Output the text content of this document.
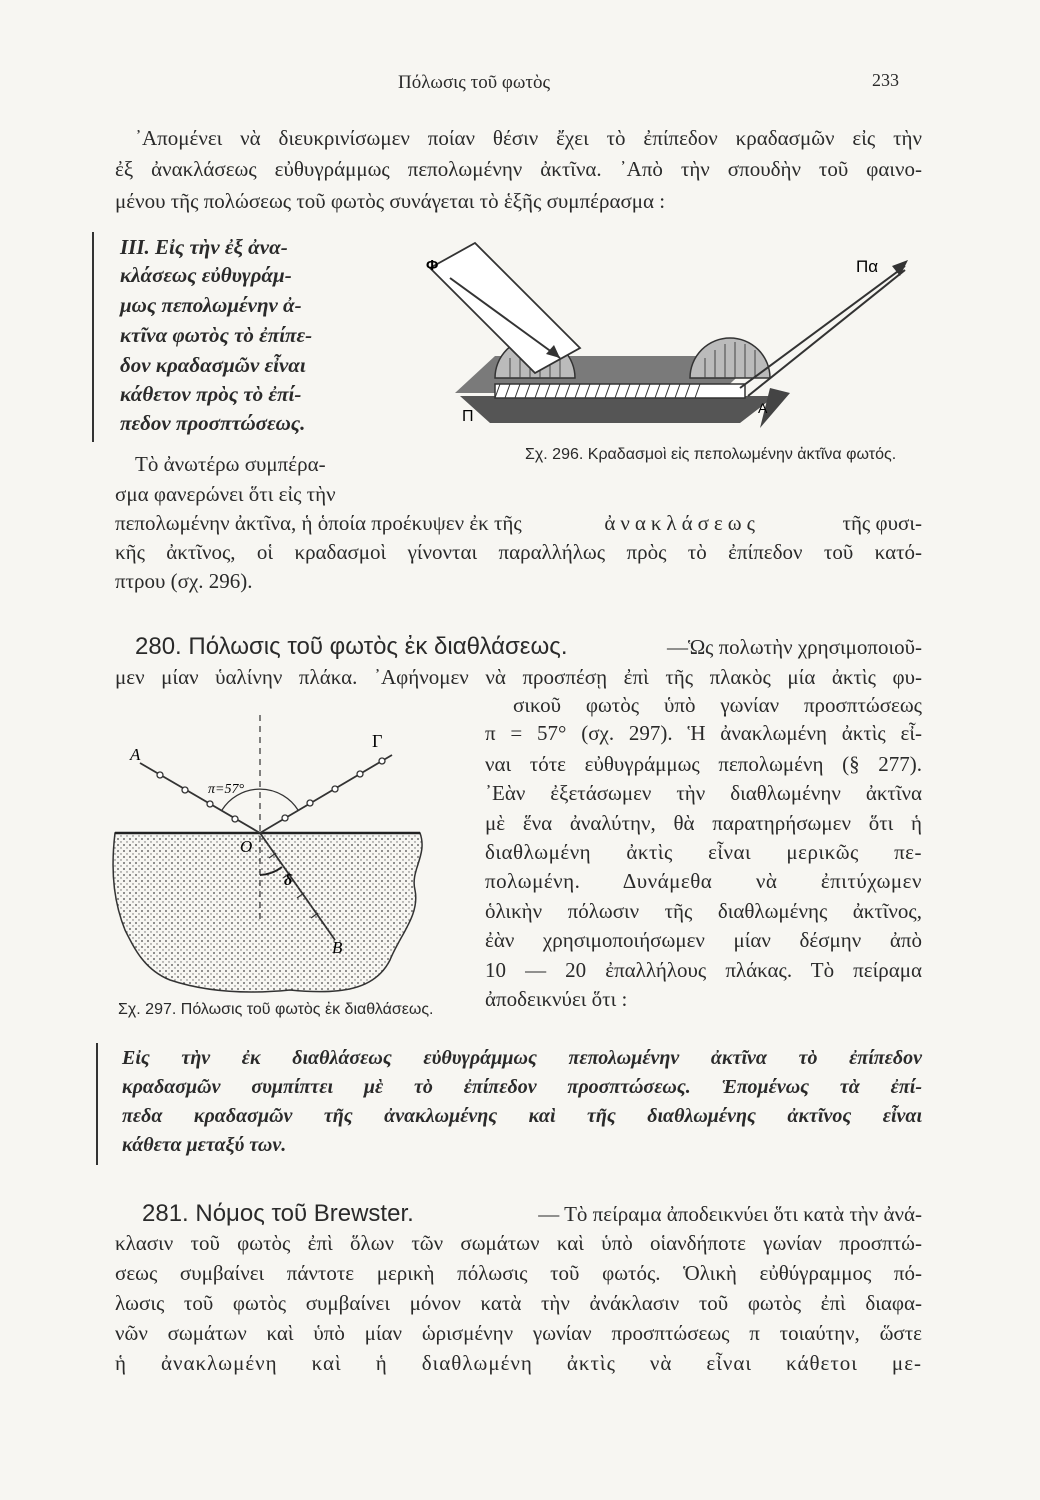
Πόλωσις τοῦ φωτὸς	233
᾿Απομένει νὰ διευκρινίσωμεν ποίαν θέσιν ἔχει τὸ ἐπίπεδον κραδασμῶν εἰς τὴν
ἐξ ἀνακλάσεως εὐθυγράμμως πεπολωμένην ἀκτῖνα. ᾿Απὸ τὴν σπουδὴν τοῦ φαινο-
μένου τῆς πολώσεως τοῦ φωτὸς συνάγεται τὸ ἑξῆς συμπέρασμα :
III. Εἰς τὴν ἐξ ἀνα-
κλάσεως εὐθυγράμ-
μως πεπολωμένην ἀ-
κτῖνα φωτὸς τὸ ἐπίπε-
δον κραδασμῶν εἶναι
κάθετον πρὸς τὸ ἐπί-
πεδον προσπτώσεως.
Φ	Πα
Π	Α
Σχ. 296. Κραδασμοὶ εἰς πεπολωμένην ἀκτῖνα φωτός.
Τὸ ἀνωτέρω συμπέρα-
σμα φανερώνει ὅτι εἰς τὴν
πεπολωμένην ἀκτῖνα, ἡ ὁποία προέκυψεν ἐκ τῆς	ἀνακλάσεως	τῆς φυσι-
κῆς ἀκτῖνος, οἱ κραδασμοὶ γίνονται παραλλήλως πρὸς τὸ ἐπίπεδον τοῦ κατό-
πτρου (σχ. 296).
280. Πόλωσις τοῦ φωτὸς ἐκ διαθλάσεως.	—Ὡς πολωτὴν χρησιμοποιοῦ-
μεν μίαν ὑαλίνην πλάκα. ᾿Αφήνομεν νὰ προσπέσῃ ἐπὶ τῆς πλακὸς μία ἀκτὶς φυ-
σικοῦ φωτὸς ὑπὸ γωνίαν προσπτώσεως
π = 57° (σχ. 297). Ἡ ἀνακλωμένη ἀκτὶς εἶ-
ναι τότε εὐθυγράμμως πεπολωμένη (§ 277).
᾿Εὰν ἐξετάσωμεν τὴν διαθλωμένην ἀκτῖνα
μὲ ἕνα ἀναλύτην, θὰ παρατηρήσωμεν ὅτι ἡ
διαθλωμένη ἀκτὶς εἶναι μερικῶς πε-
πολωμένη. Δυνάμεθα νὰ ἐπιτύχωμεν
ὁλικὴν πόλωσιν τῆς διαθλωμένης ἀκτῖνος,
ἐὰν χρησιμοποιήσωμεν μίαν δέσμην ἀπὸ
10 — 20 ἐπαλλήλους πλάκας. Τὸ πείραμα
ἀποδεικνύει ὅτι :
Α
Γ
π=57°
Ο
δ
Β
Σχ. 297. Πόλωσις τοῦ φωτὸς ἐκ διαθλάσεως.
Εἰς τὴν ἐκ διαθλάσεως εὐθυγράμμως πεπολωμένην ἀκτῖνα τὸ ἐπίπεδον
κραδασμῶν συμπίπτει μὲ τὸ ἐπίπεδον προσπτώσεως. Ἑπομένως τὰ ἐπί-
πεδα κραδασμῶν τῆς ἀνακλωμένης καὶ τῆς διαθλωμένης ἀκτῖνος εἶναι
κάθετα μεταξύ των.
281. Νόμος τοῦ Brewster.	— Τὸ πείραμα ἀποδεικνύει ὅτι κατὰ τὴν ἀνά-
κλασιν τοῦ φωτὸς ἐπὶ ὅλων τῶν σωμάτων καὶ ὑπὸ οἱανδήποτε γωνίαν προσπτώ-
σεως συμβαίνει πάντοτε μερικὴ πόλωσις τοῦ φωτός. Ὁλικὴ εὐθύγραμμος πό-
λωσις τοῦ φωτὸς συμβαίνει μόνον κατὰ τὴν ἀνάκλασιν τοῦ φωτὸς ἐπὶ διαφα-
νῶν σωμάτων καὶ ὑπὸ μίαν ὡρισμένην γωνίαν προσπτώσεως π τοιαύτην, ὥστε
ἡ ἀνακλωμένη καὶ ἡ διαθλωμένη ἀκτὶς νὰ εἶναι κάθετοι με-
